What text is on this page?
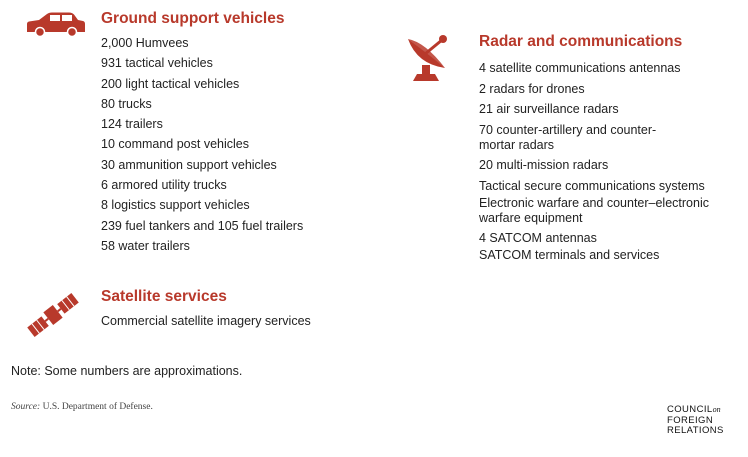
Ground support vehicles
2,000 Humvees
931 tactical vehicles
200 light tactical vehicles
80 trucks
124 trailers
10 command post vehicles
30 ammunition support vehicles
6 armored utility trucks
8 logistics support vehicles
239 fuel tankers and 105 fuel trailers
58 water trailers
Radar and communications
4 satellite communications antennas
2 radars for drones
21 air surveillance radars
70 counter-artillery and counter-
mortar radars
20 multi-mission radars
Tactical secure communications systems
Electronic warfare and counter–electronic
warfare equipment
4 SATCOM antennas
SATCOM terminals and services
Satellite services
Commercial satellite imagery services
Note: Some numbers are approximations.
Source: U.S. Department of Defense.	COUNCILon
FOREIGN
RELATIONS
